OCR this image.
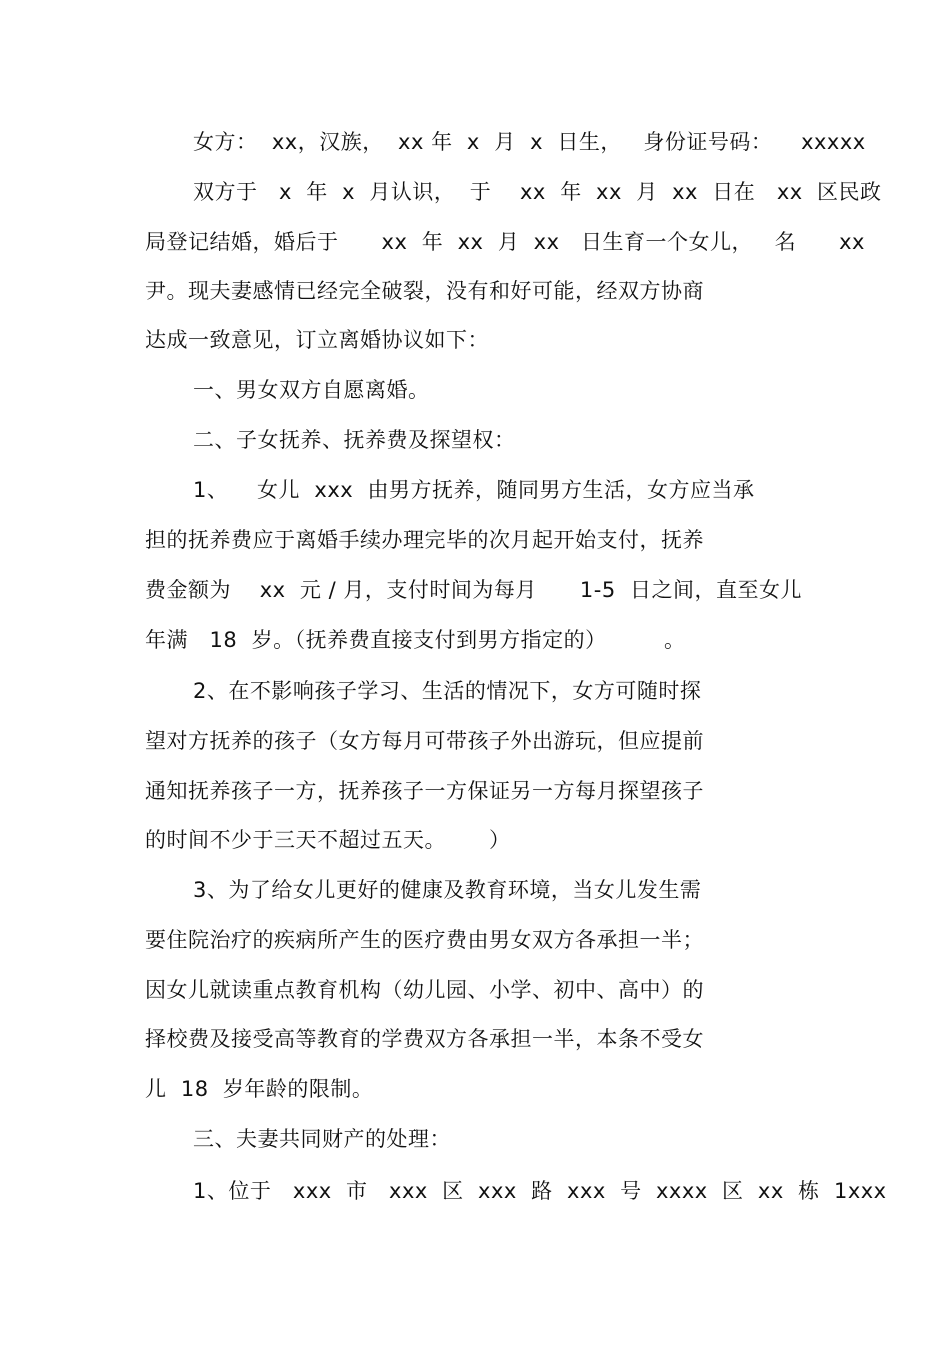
女方：  xx，汉族，  xx 年  x  月  x  日生，   身份证号码：    xxxxx
双方于   x  年  x  月认识，  于    xx  年  xx  月  xx  日在   xx  区民政
局登记结婚，婚后于      xx  年  xx  月  xx   日生育一个女儿，   名      xx
尹。现夫妻感情已经完全破裂，没有和好可能，经双方协商
达成一致意见，订立离婚协议如下：
一、男女双方自愿离婚。
二、子女抚养、抚养费及探望权：
1、    女儿  xxx  由男方抚养，随同男方生活，女方应当承
担的抚养费应于离婚手续办理完毕的次月起开始支付，抚养
费金额为    xx  元 / 月，支付时间为每月      1-5  日之间，直至女儿
年满   18  岁。（抚养费直接支付到男方指定的）        。
2、在不影响孩子学习、生活的情况下，女方可随时探
望对方抚养的孩子（女方每月可带孩子外出游玩，但应提前
通知抚养孩子一方，抚养孩子一方保证另一方每月探望孩子
的时间不少于三天不超过五天。      ）
3、为了给女儿更好的健康及教育环境，当女儿发生需
要住院治疗的疾病所产生的医疗费由男女双方各承担一半；
因女儿就读重点教育机构（幼儿园、小学、初中、高中）的
择校费及接受高等教育的学费双方各承担一半，本条不受女
儿  18  岁年龄的限制。
三、夫妻共同财产的处理：
1、位于   xxx  市   xxx  区  xxx  路  xxx  号  xxxx  区  xx  栋  1xxx
